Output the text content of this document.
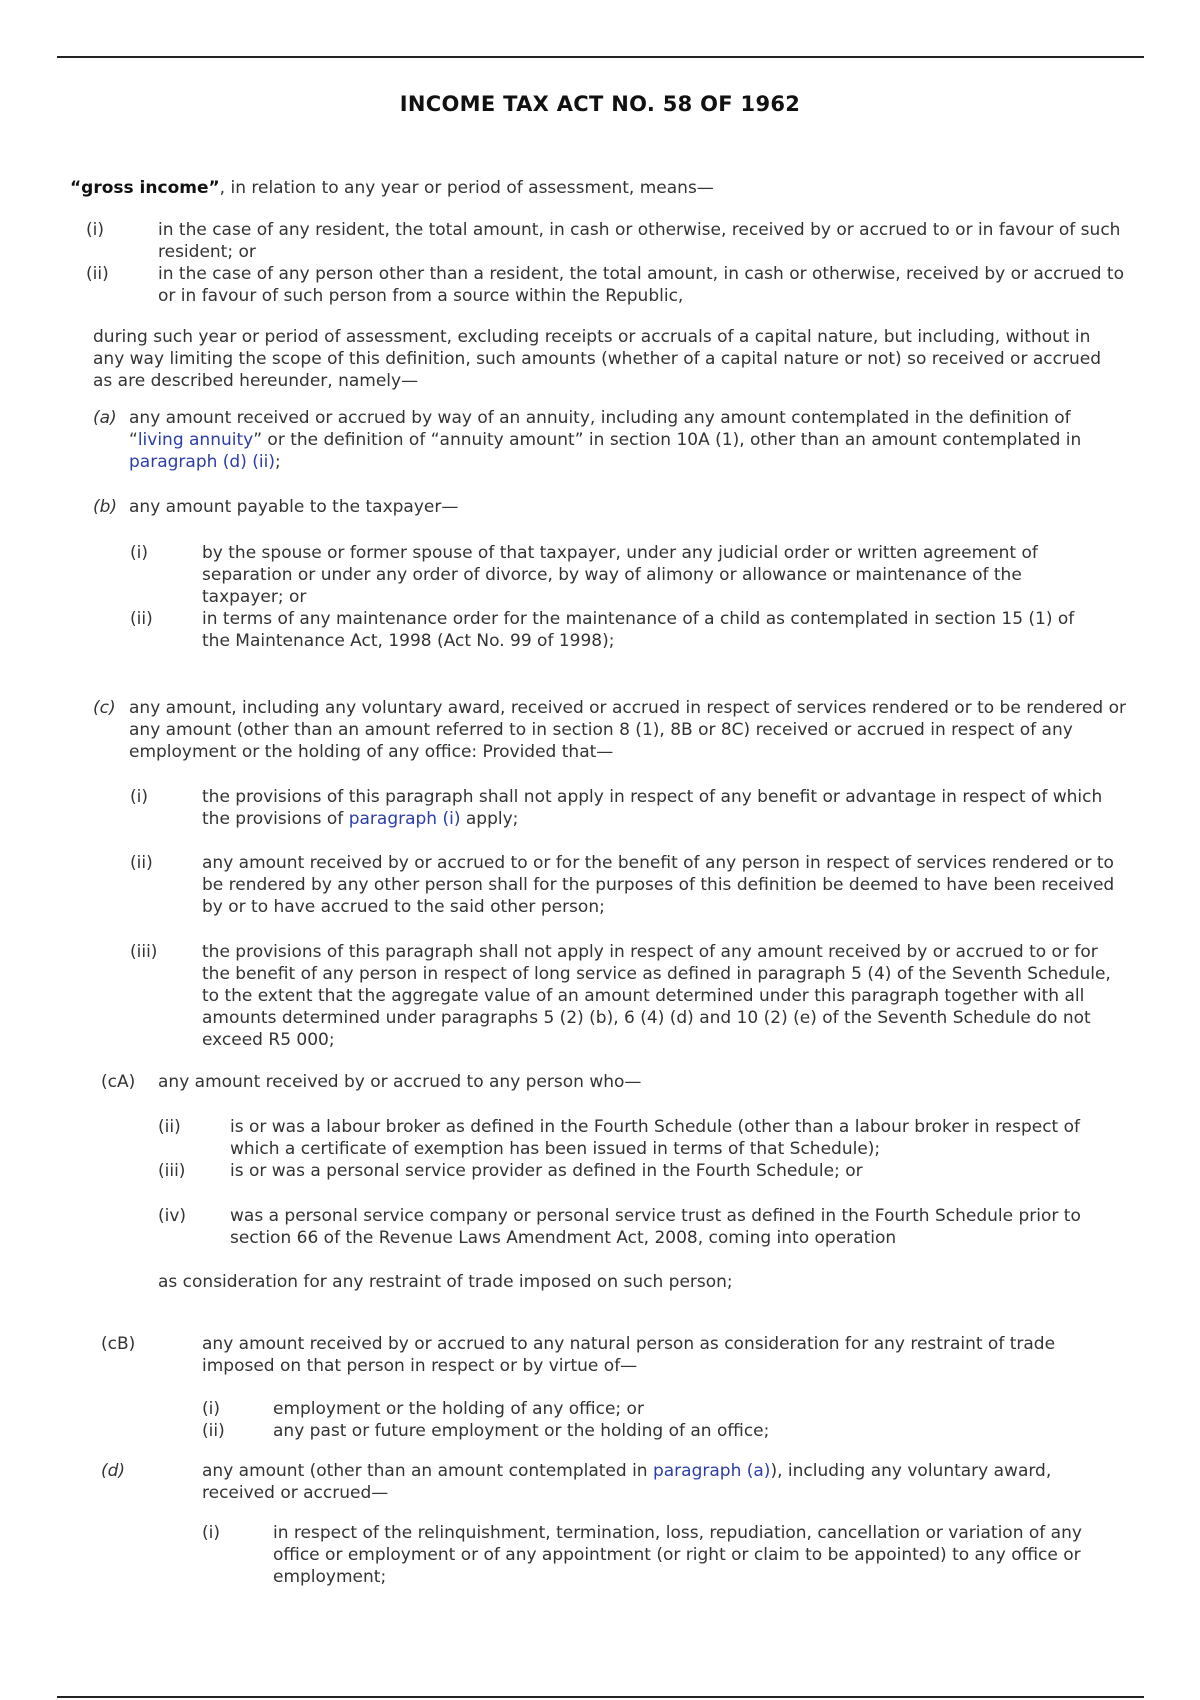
INCOME TAX ACT NO. 58 OF 1962
“gross income”, in relation to any year or period of assessment, means—
(i)	in the case of any resident, the total amount, in cash or otherwise, received by or accrued to or in favour of such resident; or
(ii)	in the case of any person other than a resident, the total amount, in cash or otherwise, received by or accrued to or in favour of such person from a source within the Republic,
during such year or period of assessment, excluding receipts or accruals of a capital nature, but including, without in any way limiting the scope of this definition, such amounts (whether of a capital nature or not) so received or accrued as are described hereunder, namely—
(a) any amount received or accrued by way of an annuity, including any amount contemplated in the definition of “living annuity” or the definition of “annuity amount” in section 10A (1), other than an amount contemplated in paragraph (d) (ii);
(b) any amount payable to the taxpayer—
(i)	by the spouse or former spouse of that taxpayer, under any judicial order or written agreement of separation or under any order of divorce, by way of alimony or allowance or maintenance of the taxpayer; or
(ii)	in terms of any maintenance order for the maintenance of a child as contemplated in section 15 (1) of the Maintenance Act, 1998 (Act No. 99 of 1998);
(c) any amount, including any voluntary award, received or accrued in respect of services rendered or to be rendered or any amount (other than an amount referred to in section 8 (1), 8B or 8C) received or accrued in respect of any employment or the holding of any office: Provided that—
(i)	the provisions of this paragraph shall not apply in respect of any benefit or advantage in respect of which the provisions of paragraph (i) apply;
(ii)	any amount received by or accrued to or for the benefit of any person in respect of services rendered or to be rendered by any other person shall for the purposes of this definition be deemed to have been received by or to have accrued to the said other person;
(iii)	the provisions of this paragraph shall not apply in respect of any amount received by or accrued to or for the benefit of any person in respect of long service as defined in paragraph 5 (4) of the Seventh Schedule, to the extent that the aggregate value of an amount determined under this paragraph together with all amounts determined under paragraphs 5 (2) (b), 6 (4) (d) and 10 (2) (e) of the Seventh Schedule do not exceed R5 000;
(cA) any amount received by or accrued to any person who—
(ii)	is or was a labour broker as defined in the Fourth Schedule (other than a labour broker in respect of which a certificate of exemption has been issued in terms of that Schedule);
(iii)	is or was a personal service provider as defined in the Fourth Schedule; or
(iv)	was a personal service company or personal service trust as defined in the Fourth Schedule prior to section 66 of the Revenue Laws Amendment Act, 2008, coming into operation
as consideration for any restraint of trade imposed on such person;
(cB)	any amount received by or accrued to any natural person as consideration for any restraint of trade imposed on that person in respect or by virtue of—
(i)	employment or the holding of any office; or
(ii)	any past or future employment or the holding of an office;
(d)	any amount (other than an amount contemplated in paragraph (a)), including any voluntary award, received or accrued—
(i)	in respect of the relinquishment, termination, loss, repudiation, cancellation or variation of any office or employment or of any appointment (or right or claim to be appointed) to any office or employment;
